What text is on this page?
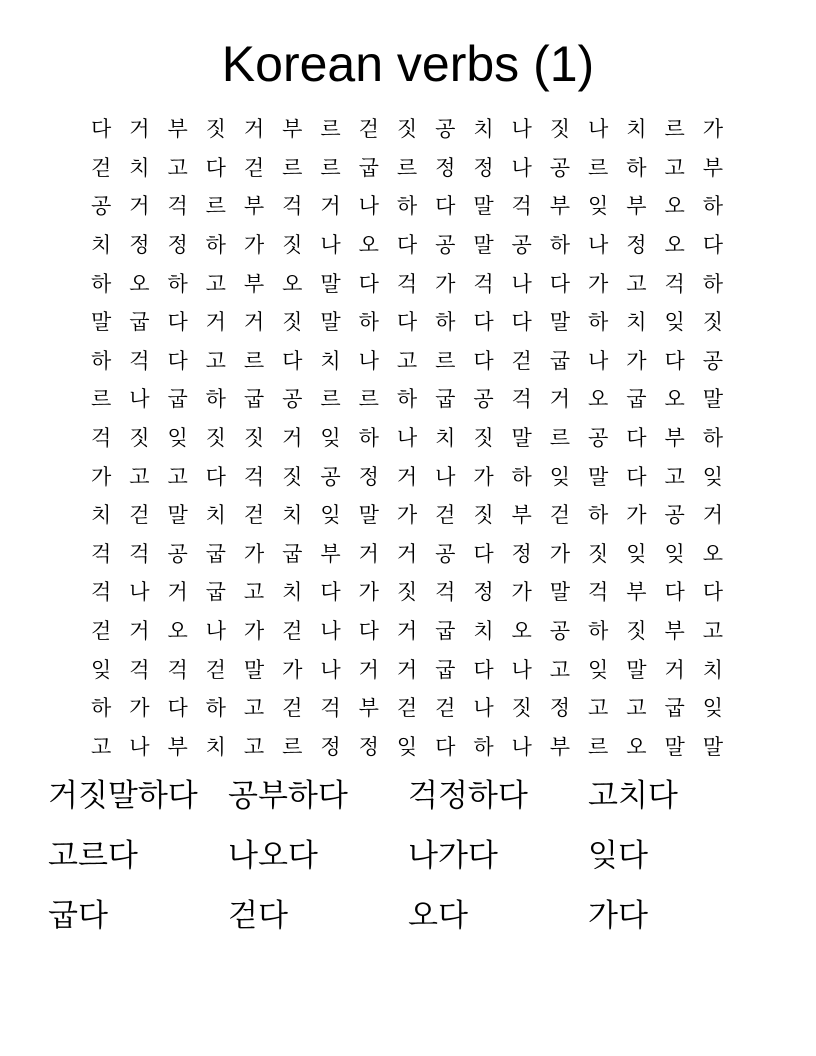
Korean verbs (1)
다 거 부 짓 거 부 르 걷 짓 공 치 나 짓 나 치 르 가
걷 치 고 다 걷 르 르 굽 르 정 정 나 공 르 하 고 부
공 거 걱 르 부 걱 거 나 하 다 말 걱 부 잊 부 오 하
치 정 정 하 가 짓 나 오 다 공 말 공 하 나 정 오 다
하 오 하 고 부 오 말 다 걱 가 걱 나 다 가 고 걱 하
말 굽 다 거 거 짓 말 하 다 하 다 다 말 하 치 잊 짓
하 걱 다 고 르 다 치 나 고 르 다 걷 굽 나 가 다 공
르 나 굽 하 굽 공 르 르 하 굽 공 걱 거 오 굽 오 말
걱 짓 잊 짓 짓 거 잊 하 나 치 짓 말 르 공 다 부 하
가 고 고 다 걱 짓 공 정 거 나 가 하 잊 말 다 고 잊
치 걷 말 치 걷 치 잊 말 가 걷 짓 부 걷 하 가 공 거
걱 걱 공 굽 가 굽 부 거 거 공 다 정 가 짓 잊 잊 오
걱 나 거 굽 고 치 다 가 짓 걱 정 가 말 걱 부 다 다
걷 거 오 나 가 걷 나 다 거 굽 치 오 공 하 짓 부 고
잊 걱 걱 걷 말 가 나 거 거 굽 다 나 고 잊 말 거 치
하 가 다 하 고 걷 걱 부 걷 걷 나 짓 정 고 고 굽 잊
고 나 부 치 고 르 정 정 잊 다 하 나 부 르 오 말 말
거짓말하다 공부하다	걱정하다	고치다
고르다	나오다	나가다	잊다
굽다	걷다	오다	가다
